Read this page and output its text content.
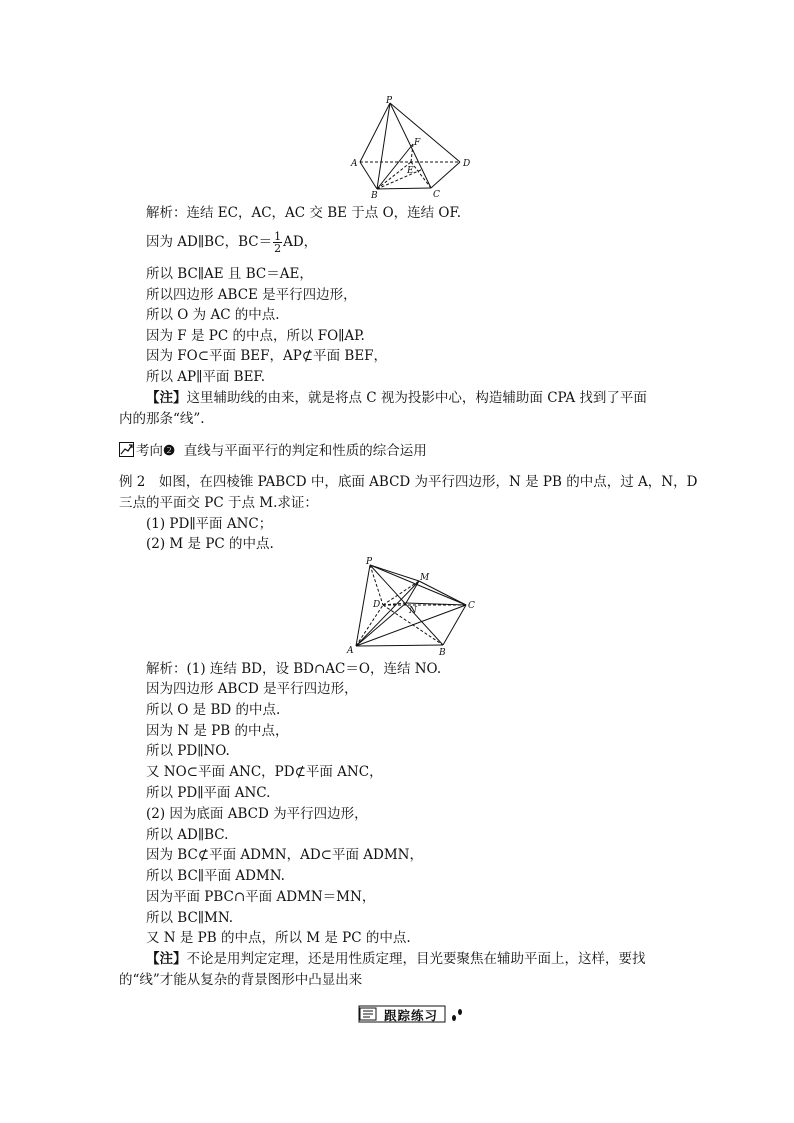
P
A
B	C
D
E
F
解析：连结 EC，AC，AC 交 BE 于点 O，连结 OF.
因为 AD∥BC，$BC= \frac{1}{2}$ AD，
所以 BC∥AE 且 BC＝AE，
所以四边形 ABCE 是平行四边形，
所以 O 为 AC 的中点.
因为 F 是 PC 的中点，所以 FO∥AP.
因为 FO⊂平面 BEF，AP⊄平面 BEF，
所以 AP∥平面 BEF.
【注】这里辅助线的由来，就是将点 C 视为投影中心，构造辅助面 CPA 找到了平面
内的那条“线”.
考向❷ 直线与平面平行的判定和性质的综合运用
例 2　如图，在四棱锥 PABCD 中，底面 ABCD 为平行四边形，N 是 PB 的中点，过 A，N，D
三点的平面交 PC 于点 M.求证：
(1) PD∥平面 ANC；
(2) M 是 PC 的中点.
P
M
D
N	C
A	B
解析：(1) 连结 BD，设 BD∩AC＝O，连结 NO.
因为四边形 ABCD 是平行四边形，
所以 O 是 BD 的中点.
因为 N 是 PB 的中点，
所以 PD∥NO.
又 NO⊂平面 ANC，PD⊄平面 ANC，
所以 PD∥平面 ANC.
(2) 因为底面 ABCD 为平行四边形，
所以 AD∥BC.
因为 BC⊄平面 ADMN，AD⊂平面 ADMN，
所以 BC∥平面 ADMN.
因为平面 PBC∩平面 ADMN＝MN，
所以 BC∥MN.
又 N 是 PB 的中点，所以 M 是 PC 的中点.
【注】不论是用判定定理，还是用性质定理，目光要聚焦在辅助平面上，这样，要找
的“线”才能从复杂的背景图形中凸显出来
跟踪练习
